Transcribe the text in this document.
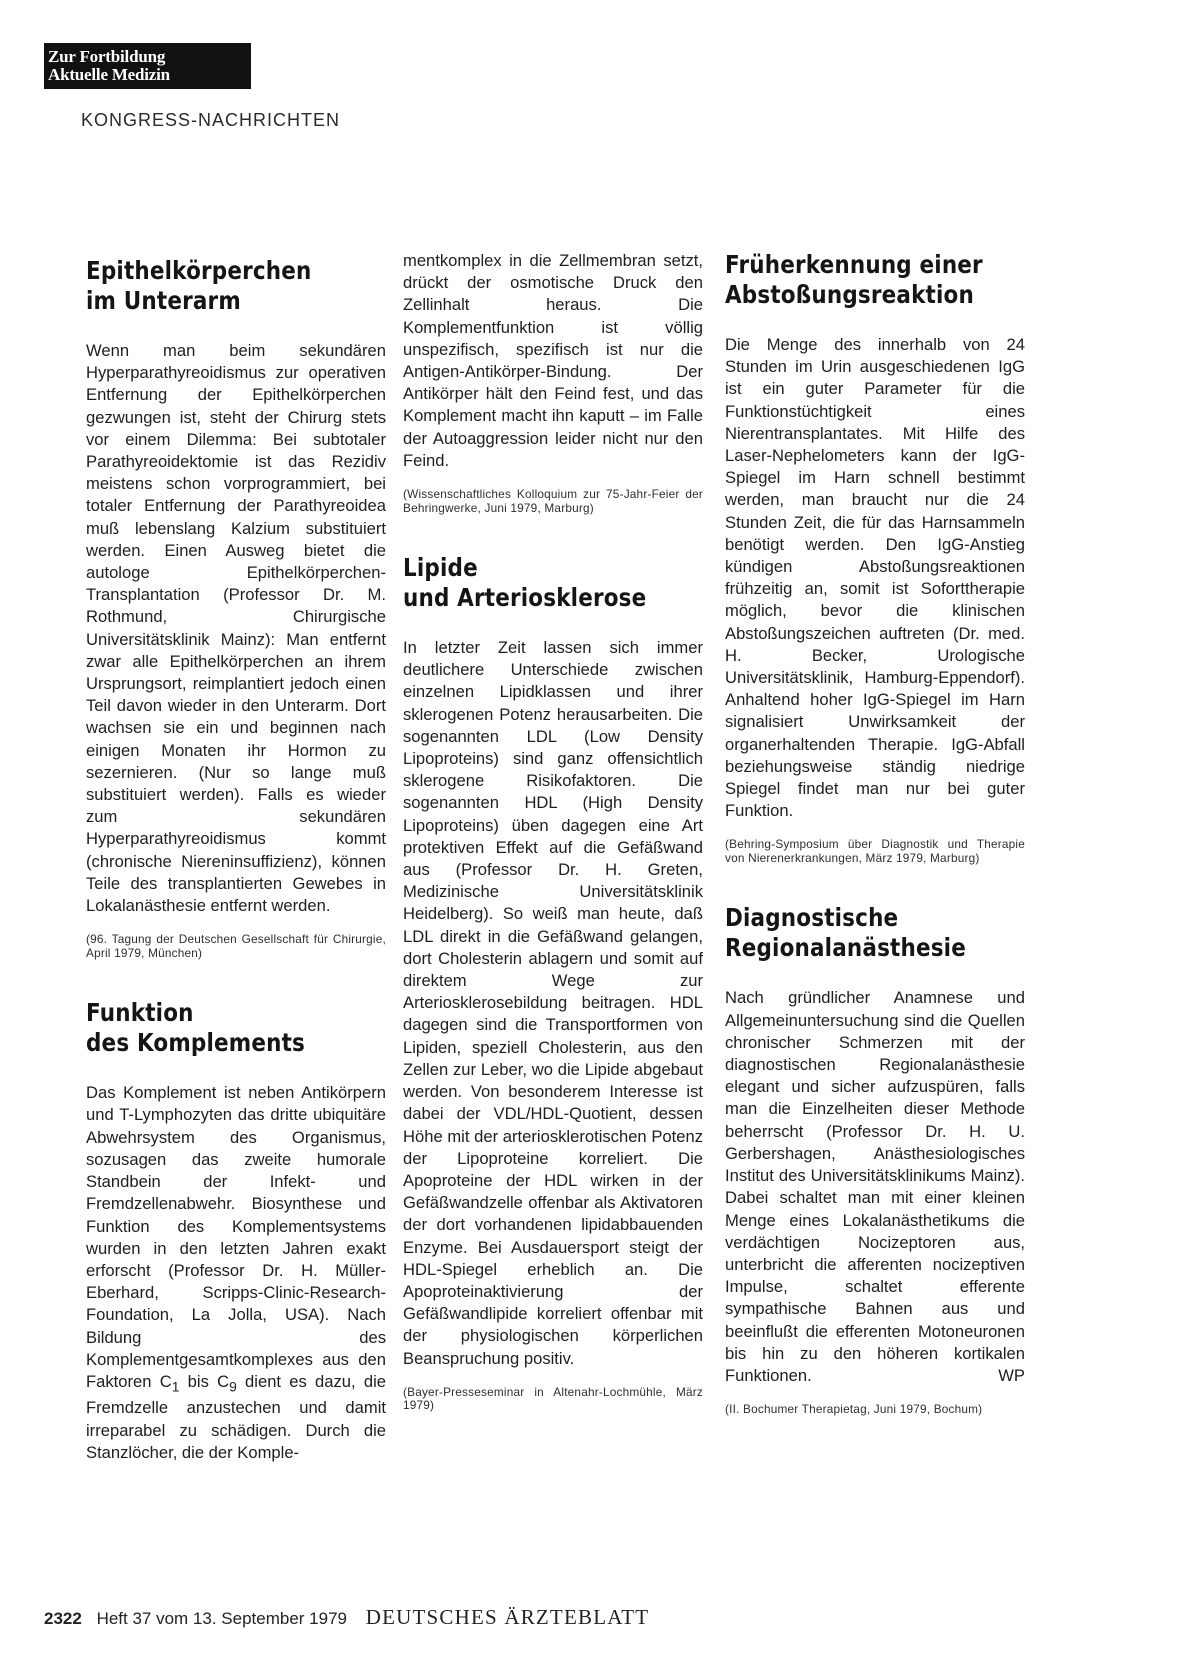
Zur Fortbildung
Aktuelle Medizin
KONGRESS-NACHRICHTEN
Epithelkörperchen
im Unterarm

Wenn man beim sekundären Hyperparathyreoidismus zur operativen Entfernung der Epithelkörperchen gezwungen ist, steht der Chirurg stets vor einem Dilemma: Bei subtotaler Parathyreoidektomie ist das Rezidiv meistens schon vorprogrammiert, bei totaler Entfernung der Parathyreoidea muß lebenslang Kalzium substituiert werden. Einen Ausweg bietet die autologe Epithelkörperchen-Transplantation (Professor Dr. M. Rothmund, Chirurgische Universitätsklinik Mainz): Man entfernt zwar alle Epithelkörperchen an ihrem Ursprungsort, reimplantiert jedoch einen Teil davon wieder in den Unterarm. Dort wachsen sie ein und beginnen nach einigen Monaten ihr Hormon zu sezernieren. (Nur so lange muß substituiert werden). Falls es wieder zum sekundären Hyperparathyreoidismus kommt (chronische Niereninsuffizienz), können Teile des transplantierten Gewebes in Lokalanästhesie entfernt werden.

(96. Tagung der Deutschen Gesellschaft für Chirurgie, April 1979, München)

Funktion
des Komplements

Das Komplement ist neben Antikörpern und T-Lymphozyten das dritte ubiquitäre Abwehrsystem des Organismus, sozusagen das zweite humorale Standbein der Infekt- und Fremdzellenabwehr. Biosynthese und Funktion des Komplementsystems wurden in den letzten Jahren exakt erforscht (Professor Dr. H. Müller-Eberhard, Scripps-Clinic-Research-Foundation, La Jolla, USA). Nach Bildung des Komplementgesamtkomplexes aus den Faktoren $C_1$ bis $C_9$ dient es dazu, die Fremdzelle anzustechen und damit irreparabel zu schädigen. Durch die Stanzlöcher, die der Komple-

mentkomplex in die Zellmembran setzt, drückt der osmotische Druck den Zellinhalt heraus. Die Komplementfunktion ist völlig unspezifisch, spezifisch ist nur die Antigen-Antikörper-Bindung. Der Antikörper hält den Feind fest, und das Komplement macht ihn kaputt – im Falle der Autoaggression leider nicht nur den Feind.

(Wissenschaftliches Kolloquium zur 75-Jahr-Feier der Behringwerke, Juni 1979, Marburg)

Lipide
und Arteriosklerose

In letzter Zeit lassen sich immer deutlichere Unterschiede zwischen einzelnen Lipidklassen und ihrer sklerogenen Potenz herausarbeiten. Die sogenannten LDL (Low Density Lipoproteins) sind ganz offensichtlich sklerogene Risikofaktoren. Die sogenannten HDL (High Density Lipoproteins) üben dagegen eine Art protektiven Effekt auf die Gefäßwand aus (Professor Dr. H. Greten, Medizinische Universitätsklinik Heidelberg). So weiß man heute, daß LDL direkt in die Gefäßwand gelangen, dort Cholesterin ablagern und somit auf direktem Wege zur Arteriosklerosebildung beitragen. HDL dagegen sind die Transportformen von Lipiden, speziell Cholesterin, aus den Zellen zur Leber, wo die Lipide abgebaut werden. Von besonderem Interesse ist dabei der VDL/HDL-Quotient, dessen Höhe mit der arteriosklerotischen Potenz der Lipoproteine korreliert. Die Apoproteine der HDL wirken in der Gefäßwandzelle offenbar als Aktivatoren der dort vorhandenen lipidabbauenden Enzyme. Bei Ausdauersport steigt der HDL-Spiegel erheblich an. Die Apoproteinaktivierung der Gefäßwandlipide korreliert offenbar mit der physiologischen körperlichen Beanspruchung positiv.

(Bayer-Presseseminar in Altenahr-Lochmühle, März 1979)

Früherkennung einer
Abstoßungsreaktion

Die Menge des innerhalb von 24 Stunden im Urin ausgeschiedenen IgG ist ein guter Parameter für die Funktionstüchtigkeit eines Nierentransplantates. Mit Hilfe des Laser-Nephelometers kann der IgG-Spiegel im Harn schnell bestimmt werden, man braucht nur die 24 Stunden Zeit, die für das Harnsammeln benötigt werden. Den IgG-Anstieg kündigen Abstoßungsreaktionen frühzeitig an, somit ist Soforttherapie möglich, bevor die klinischen Abstoßungszeichen auftreten (Dr. med. H. Becker, Urologische Universitätsklinik, Hamburg-Eppendorf). Anhaltend hoher IgG-Spiegel im Harn signalisiert Unwirksamkeit der organerhaltenden Therapie. IgG-Abfall beziehungsweise ständig niedrige Spiegel findet man nur bei guter Funktion.

(Behring-Symposium über Diagnostik und Therapie von Nierenerkrankungen, März 1979, Marburg)

Diagnostische
Regionalanästhesie

Nach gründlicher Anamnese und Allgemeinuntersuchung sind die Quellen chronischer Schmerzen mit der diagnostischen Regionalanästhesie elegant und sicher aufzuspüren, falls man die Einzelheiten dieser Methode beherrscht (Professor Dr. H. U. Gerbershagen, Anästhesiologisches Institut des Universitätsklinikums Mainz). Dabei schaltet man mit einer kleinen Menge eines Lokalanästhetikums die verdächtigen Nocizeptoren aus, unterbricht die afferenten nocizeptiven Impulse, schaltet efferente sympathische Bahnen aus und beeinflußt die efferenten Motoneuronen bis hin zu den höheren kortikalen Funktionen.	WP

(II. Bochumer Therapietag, Juni 1979, Bochum)

2322 Heft 37 vom 13. September 1979 DEUTSCHES ÄRZTEBLATT
